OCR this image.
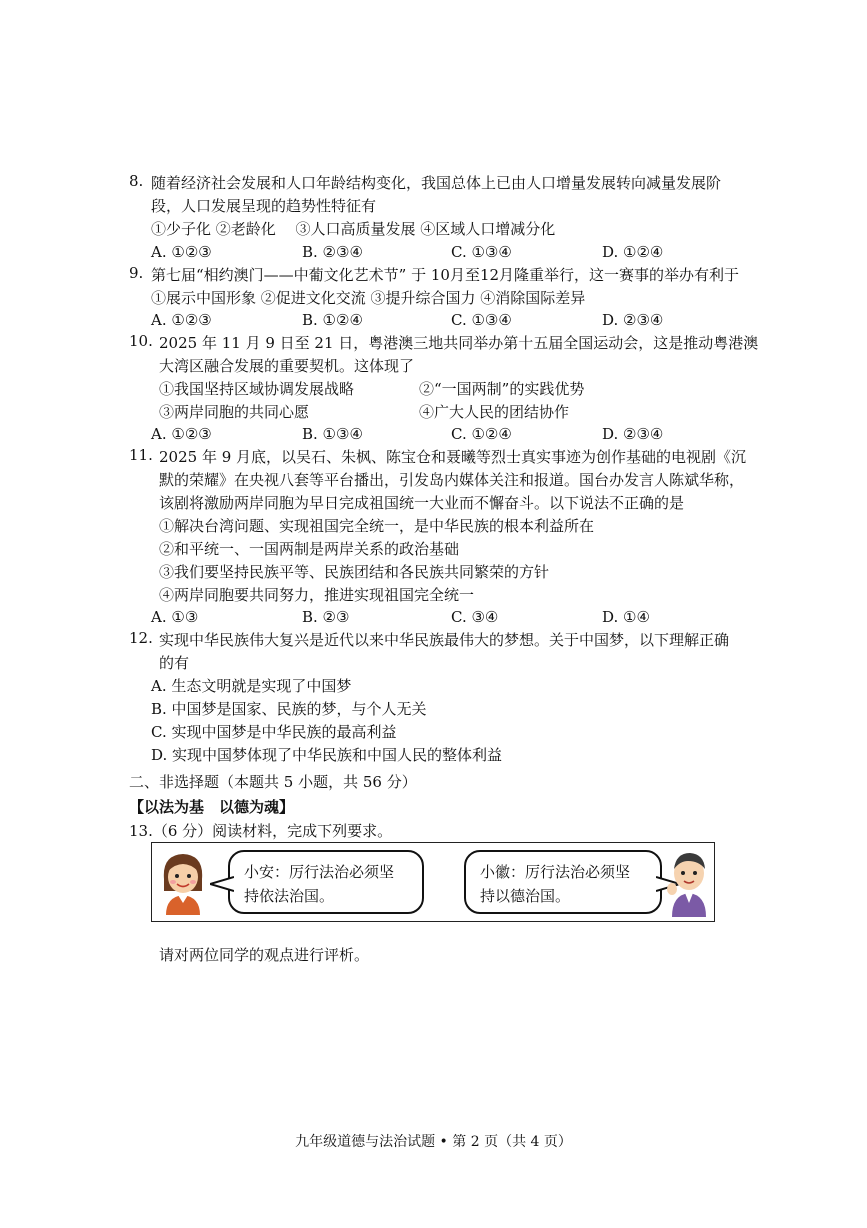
8. 随着经济社会发展和人口年龄结构变化，我国总体上已由人口增量发展转向减量发展阶
段，人口发展呈现的趋势性特征有
①少子化 ②老龄化　 ③人口高质量发展 ④区域人口增减分化
A. ①②③	B. ②③④	C. ①③④	D. ①②④
9. 第七届“相约澳门——中葡文化艺术节” 于 10月至12月隆重举行，这一赛事的举办有利于
①展示中国形象 ②促进文化交流 ③提升综合国力 ④消除国际差异
A. ①②③	B. ①②④	C. ①③④	D. ②③④
10. 2025 年 11 月 9 日至 21 日，粤港澳三地共同举办第十五届全国运动会，这是推动粤港澳
大湾区融合发展的重要契机。这体现了
①我国坚持区域协调发展战略	②“一国两制”的实践优势
③两岸同胞的共同心愿	④广大人民的团结协作
A. ①②③	B. ①③④	C. ①②④	D. ②③④
11. 2025 年 9 月底，以吴石、朱枫、陈宝仓和聂曦等烈士真实事迹为创作基础的电视剧《沉
默的荣耀》在央视八套等平台播出，引发岛内媒体关注和报道。国台办发言人陈斌华称，
该剧将激励两岸同胞为早日完成祖国统一大业而不懈奋斗。以下说法不正确的是
①解决台湾问题、实现祖国完全统一，是中华民族的根本利益所在
②和平统一、一国两制是两岸关系的政治基础
③我们要坚持民族平等、民族团结和各民族共同繁荣的方针
④两岸同胞要共同努力，推进实现祖国完全统一
A. ①③	B. ②③	C. ③④	D. ①④
12. 实现中华民族伟大复兴是近代以来中华民族最伟大的梦想。关于中国梦，以下理解正确
的有
A. 生态文明就是实现了中国梦
B. 中国梦是国家、民族的梦，与个人无关
C. 实现中国梦是中华民族的最高利益
D. 实现中国梦体现了中华民族和中国人民的整体利益
二、非选择题（本题共 5 小题，共 56 分）
【以法为基　以德为魂】
13.（6 分）阅读材料，完成下列要求。
小安：厉行法治必须坚
持依法治国。
小徽：厉行法治必须坚
持以德治国。
请对两位同学的观点进行评析。
九年级道德与法治试题 • 第 2 页（共 4 页）
